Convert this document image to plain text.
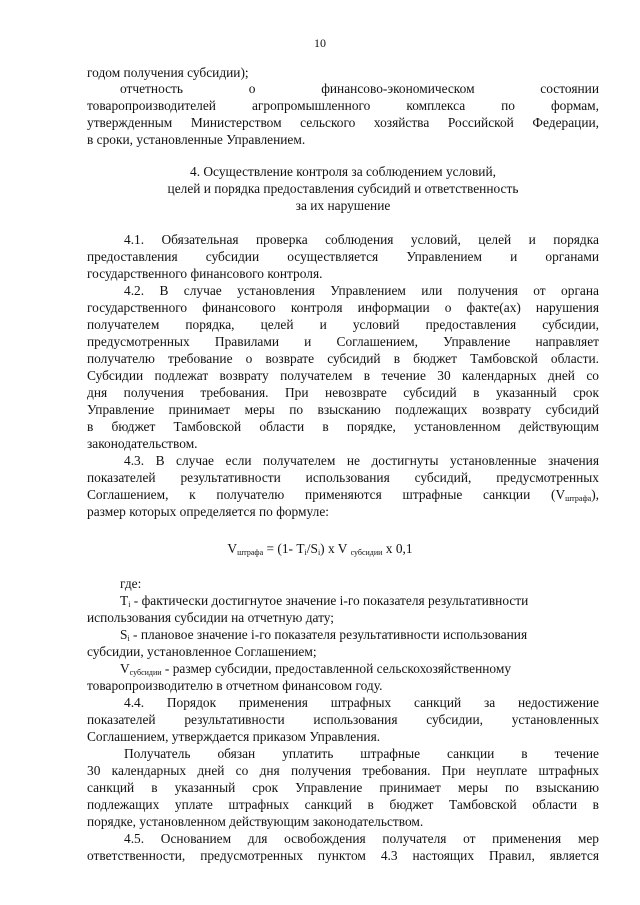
10
годом получения субсидии);
отчетность о финансово-экономическом состоянии
товаропроизводителей агропромышленного комплекса по формам,
утвержденным Министерством сельского хозяйства Российской Федерации,
в сроки, установленные Управлением.
4. Осуществление контроля за соблюдением условий,
целей и порядка предоставления субсидий и ответственность
за их нарушение
4.1. Обязательная проверка соблюдения условий, целей и порядка
предоставления субсидии осуществляется Управлением и органами
государственного финансового контроля.
4.2. В случае установления Управлением или получения от органа
государственного финансового контроля информации о факте(ах) нарушения
получателем порядка, целей и условий предоставления субсидии,
предусмотренных Правилами и Соглашением, Управление направляет
получателю требование о возврате субсидий в бюджет Тамбовской области.
Субсидии подлежат возврату получателем в течение 30 календарных дней со
дня получения требования. При невозврате субсидий в указанный срок
Управление принимает меры по взысканию подлежащих возврату субсидий
в бюджет Тамбовской области в порядке, установленном действующим
законодательством.
4.3. В случае если получателем не достигнуты установленные значения
показателей результативности использования субсидий, предусмотренных
Соглашением, к получателю применяются штрафные санкции (V $_{штрафа}$),
размер которых определяется по формуле:
$V_{штрафа} = (1-$ $T_i/S_i$) x V $_{субсидии}$ x 0,1
где:
$T_i$ - фактически достигнутое значение i-го показателя результативности
использования субсидии на отчетную дату;
$S_i$ - плановое значение i-го показателя результативности использования
субсидии, установленное Соглашением;
$V_{субсидии}$ - размер субсидии, предоставленной сельскохозяйственному
товаропроизводителю в отчетном финансовом году.
4.4. Порядок применения штрафных санкций за недостижение
показателей результативности использования субсидии, установленных
Соглашением, утверждается приказом Управления.
Получатель обязан уплатить штрафные санкции в течение
30 календарных дней со дня получения требования. При неуплате штрафных
санкций в указанный срок Управление принимает меры по взысканию
подлежащих уплате штрафных санкций в бюджет Тамбовской области в
порядке, установленном действующим законодательством.
4.5. Основанием для освобождения получателя от применения мер
ответственности, предусмотренных пунктом 4.3 настоящих Правил, является
